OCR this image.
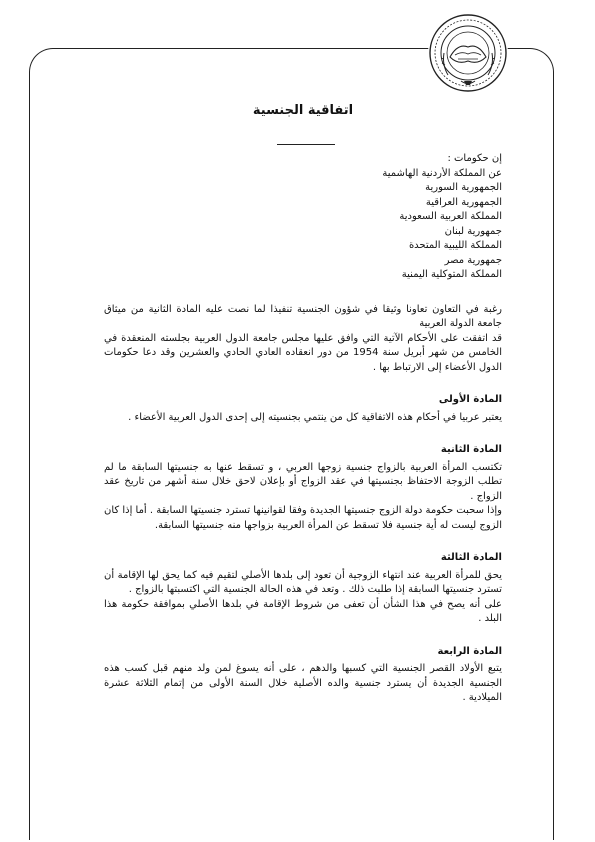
اتفاقية الجنسية
إن حكومات :
عن المملكة الأردنية الهاشمية
الجمهورية السورية
الجمهورية العراقية
المملكة العربية السعودية
جمهورية لبنان
المملكة الليبية المتحدة
جمهورية مصر
المملكة المتوكلية اليمنية

رغبة في التعاون تعاونا وثيقا في شؤون الجنسية تنفيذا لما نصت عليه المادة الثانية من ميثاق جامعة الدولة العربية

قد اتفقت على الأحكام الآتية التي وافق عليها مجلس جامعة الدول العربية بجلسته المنعقدة في الخامس من شهر أبريل سنة 1954 من دور انعقاده العادي الحادي والعشرين وقد دعا حكومات الدول الأعضاء إلى الارتباط بها .

المادة الأولى

يعتبر عربيا في أحكام هذه الاتفاقية كل من ينتمي بجنسيته إلى إحدى الدول العربية الأعضاء .

المادة الثانية

تكتسب المرأة العربية بالزواج جنسية زوجها العربي ، و تسقط عنها به جنسيتها السابقة ما لم تطلب الزوجة الاحتفاظ بجنسيتها في عقد الزواج أو بإعلان لاحق خلال سنة أشهر من تاريخ عقد الزواج .

وإذا سحبت حكومة دولة الزوج جنسيتها الجديدة وفقا لقوانينها تسترد جنسيتها السابقة . أما إذا كان الزوج ليست له أية جنسية فلا تسقط عن المرأة العربية بزواجها منه جنسيتها السابقة.

المادة الثالثة

يحق للمرأة العربية عند انتهاء الزوجية أن تعود إلى بلدها الأصلي لتقيم فيه كما يحق لها الإقامة أن تسترد جنسيتها السابقة إذا طلبت ذلك . وتعد في هذه الحالة الجنسية التي اكتسبتها بالزواج .

على أنه يصح في هذا الشأن أن تعفى من شروط الإقامة في بلدها الأصلي بموافقة حكومة هذا البلد .

المادة الرابعة

يتبع الأولاد القصر الجنسية التي كسبها والدهم ، على أنه يسوغ لمن ولد منهم قبل كسب هذه الجنسية الجديدة أن يسترد جنسية والده الأصلية خلال السنة الأولى من إتمام الثلاثة عشرة الميلادية .
